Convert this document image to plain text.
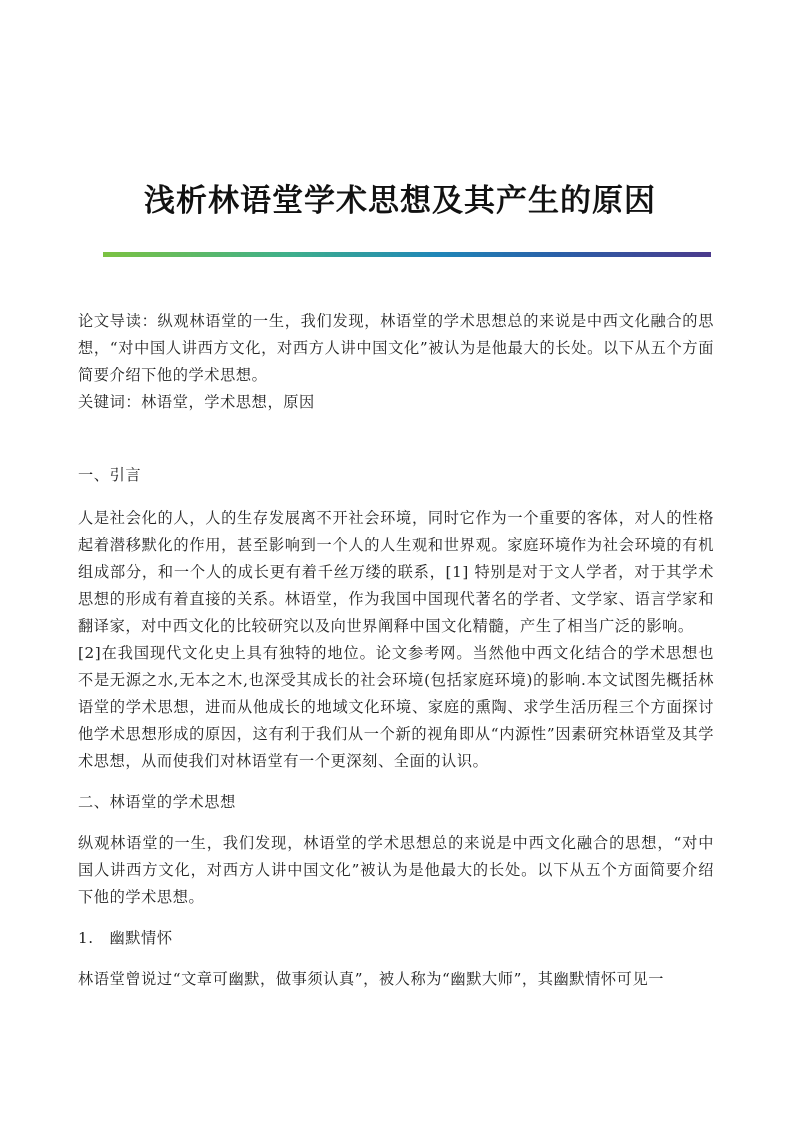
浅析林语堂学术思想及其产生的原因

论文导读：纵观林语堂的一生，我们发现，林语堂的学术思想总的来说是中西文化融合的思想，“对中国人讲西方文化，对西方人讲中国文化”被认为是他最大的长处。以下从五个方面简要介绍下他的学术思想。

关键词：林语堂，学术思想，原因

一、引言

人是社会化的人，人的生存发展离不开社会环境，同时它作为一个重要的客体，对人的性格起着潜移默化的作用，甚至影响到一个人的人生观和世界观。家庭环境作为社会环境的有机组成部分，和一个人的成长更有着千丝万缕的联系，[1] 特别是对于文人学者，对于其学术思想的形成有着直接的关系。林语堂，作为我国中国现代著名的学者、文学家、语言学家和翻译家，对中西文化的比较研究以及向世界阐释中国文化精髓，产生了相当广泛的影响。

[2]在我国现代文化史上具有独特的地位。论文参考网。当然他中西文化结合的学术思想也不是无源之水,无本之木,也深受其成长的社会环境(包括家庭环境)的影响.本文试图先概括林语堂的学术思想，进而从他成长的地域文化环境、家庭的熏陶、求学生活历程三个方面探讨他学术思想形成的原因，这有利于我们从一个新的视角即从“内源性”因素研究林语堂及其学术思想，从而使我们对林语堂有一个更深刻、全面的认识。

二、林语堂的学术思想

纵观林语堂的一生，我们发现，林语堂的学术思想总的来说是中西文化融合的思想，“对中国人讲西方文化，对西方人讲中国文化”被认为是他最大的长处。以下从五个方面简要介绍下他的学术思想。

1.　幽默情怀

林语堂曾说过“文章可幽默，做事须认真”，被人称为“幽默大师”，其幽默情怀可见一
